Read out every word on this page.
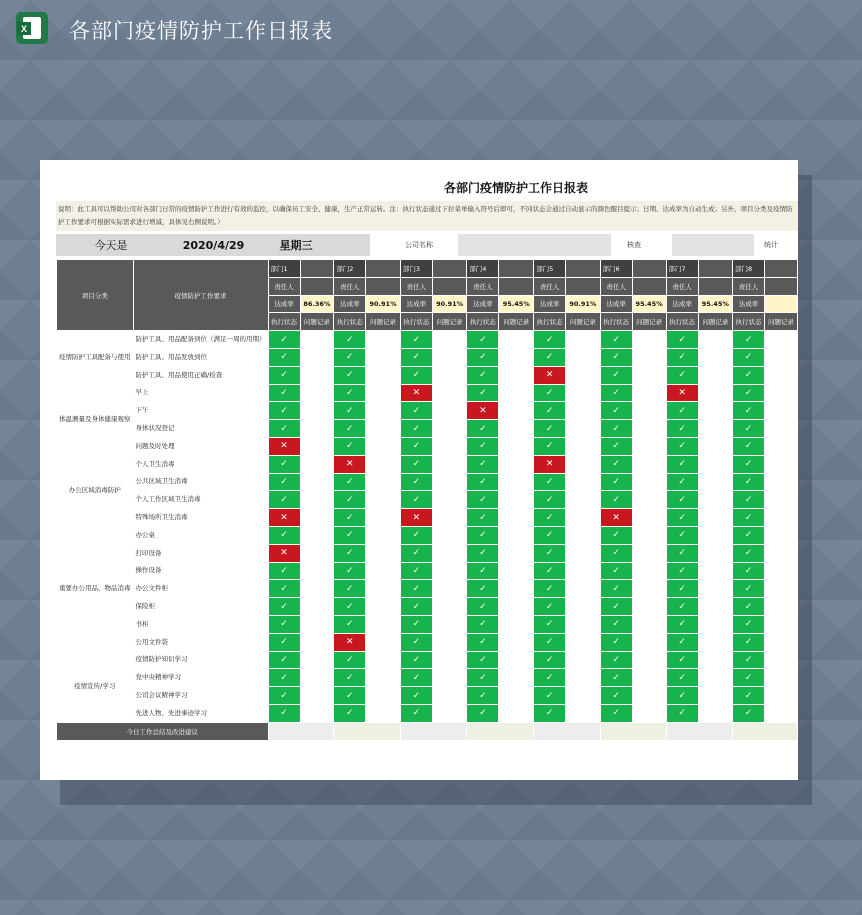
X 各部门疫情防护工作日报表
各部门疫情防护工作日报表
说明：此工具可以帮助公司对各部门日常的疫情防护工作进行有效的监控，以确保员工安全、健康，生产正常运转。注：执行状态通过下拉菜单输入符号后即可，不同状态会通过自动显示的颜色醒目提示；日期、达成率为自动生成；另外，项目分类及疫情防护工作要求可根据实际需求进行增减，具体见右侧说明。）
今天是	2020/4/29	星期三	公司名称	核查	统计
项目分类	疫情防护工作要求	部门1		部门2		部门3		部门4		部门5		部门6		部门7		部门8	
		责任人		责任人		责任人		责任人		责任人		责任人		责任人		责任人	
		达成率	86.36%	达成率	90.91%	达成率	90.91%	达成率	95.45%	达成率	90.91%	达成率	95.45%	达成率	95.45%	达成率	
		执行状态	问题记录	执行状态	问题记录	执行状态	问题记录	执行状态	问题记录	执行状态	问题记录	执行状态	问题记录	执行状态	问题记录	执行状态	问题记录
疫情防护工具配备与使用	防护工具、用品配备到位（满足一周的用期）	✓		✓		✓		✓		✓		✓		✓		✓	
	防护工具、用品发放到位	✓		✓		✓		✓		✓		✓		✓		✓	
	防护工具、用品使用正确/检查	✓		✓		✓		✓		✕		✓		✓		✓	
体温测量及身体健康观察	早上	✓		✓		✕		✓		✓		✓		✕		✓	
	下午	✓		✓		✓		✕		✓		✓		✓		✓	
	身体状况登记	✓		✓		✓		✓		✓		✓		✓		✓	
	问题及时处理	✕		✓		✓		✓		✓		✓		✓		✓	
办公区域消毒防护	个人卫生消毒	✓		✕		✓		✓		✕		✓		✓		✓	
	公共区域卫生消毒	✓		✓		✓		✓		✓		✓		✓		✓	
	个人工作区域卫生消毒	✓		✓		✓		✓		✓		✓		✓		✓	
	特殊场所卫生消毒	✕		✓		✕		✓		✓		✕		✓		✓	
重要办公用品、物品消毒	办公桌	✓		✓		✓		✓		✓		✓		✓		✓	
	打印设备	✕		✓		✓		✓		✓		✓		✓		✓	
	操作设备	✓		✓		✓		✓		✓		✓		✓		✓	
	办公文件柜	✓		✓		✓		✓		✓		✓		✓		✓	
	保险柜	✓		✓		✓		✓		✓		✓		✓		✓	
	书柜	✓		✓		✓		✓		✓		✓		✓		✓	
	公用文件袋	✓		✕		✓		✓		✓		✓		✓		✓	
疫情宣传/学习	疫情防护知识学习	✓		✓		✓		✓		✓		✓		✓		✓	
	党中央精神学习	✓		✓		✓		✓		✓		✓		✓		✓	
	公司会议精神学习	✓		✓		✓		✓		✓		✓		✓		✓	
	先进人物、先进事迹学习	✓		✓		✓		✓		✓		✓		✓		✓	
今日工作总结及改进建议																	
